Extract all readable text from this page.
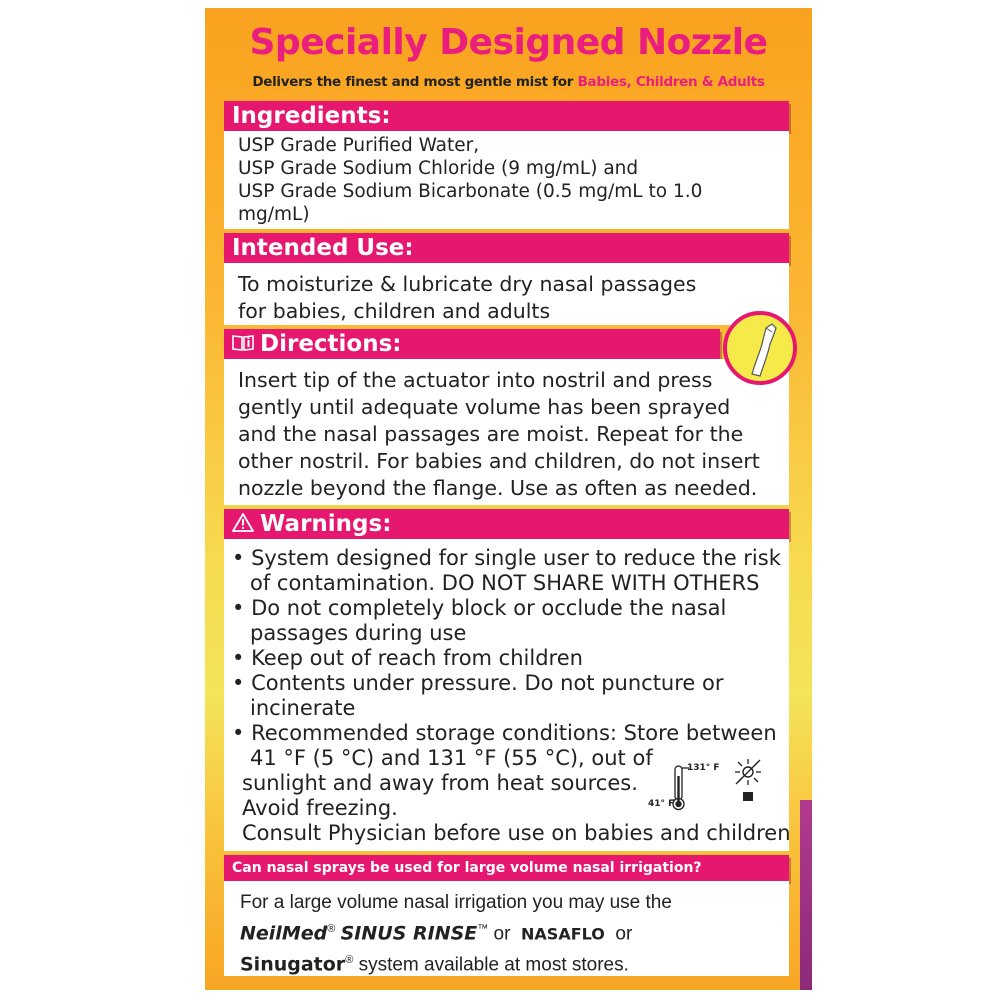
Specially Designed Nozzle
Delivers the finest and most gentle mist for Babies, Children & Adults
Ingredients:
USP Grade Purified Water,
USP Grade Sodium Chloride (9 mg/mL) and
USP Grade Sodium Bicarbonate (0.5 mg/mL to 1.0
mg/mL)
Intended Use:
To moisturize & lubricate dry nasal passages
for babies, children and adults
Directions:
Insert tip of the actuator into nostril and press
gently until adequate volume has been sprayed
and the nasal passages are moist. Repeat for the
other nostril. For babies and children, do not insert
nozzle beyond the flange. Use as often as needed.
Warnings:
• System designed for single user to reduce the risk
of contamination. DO NOT SHARE WITH OTHERS
• Do not completely block or occlude the nasal
passages during use
• Keep out of reach from children
• Contents under pressure. Do not puncture or
incinerate
• Recommended storage conditions: Store between
41 °F (5 °C) and 131 °F (55 °C), out of
sunlight and away from heat sources.
Avoid freezing.
Consult Physician before use on babies and children
131° F
41° F
Can nasal sprays be used for large volume nasal irrigation?
For a large volume nasal irrigation you may use the
NeilMed® SINUS RINSE™ or NASAFLO or
Sinugator® system available at most stores.
